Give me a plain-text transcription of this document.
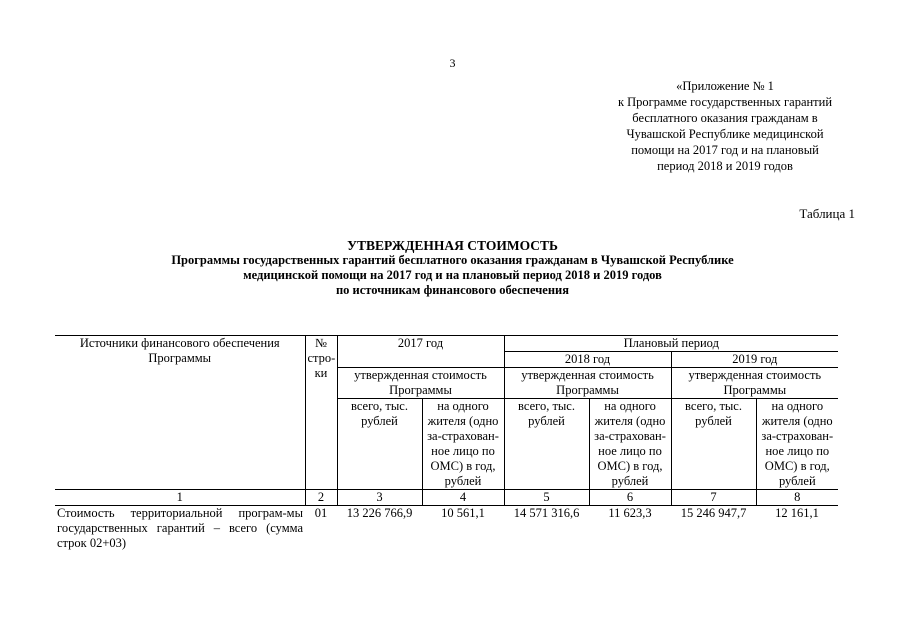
3
«Приложение № 1
к Программе государственных гарантий
бесплатного оказания гражданам в
Чувашской Республике медицинской
помощи на 2017 год и на плановый
период 2018 и 2019 годов
Таблица 1
УТВЕРЖДЕННАЯ СТОИМОСТЬ
Программы государственных гарантий бесплатного оказания гражданам в Чувашской Республике
медицинской помощи на 2017 год и на плановый период 2018 и 2019 годов
по источникам финансового обеспечения
Источники финансового обеспечения Программы	№ стро-ки	2017 год		Плановый период			
				2018 год		2019 год	
		утвержденная стоимость Программы		утвержденная стоимость Программы		утвержденная стоимость Программы	
		всего, тыс. рублей	на одного жителя (одно за-страхован-ное лицо по ОМС) в год, рублей	всего, тыс. рублей	на одного жителя (одно за-страхован-ное лицо по ОМС) в год, рублей	всего, тыс. рублей	на одного жителя (одно за-страхован-ное лицо по ОМС) в год, рублей
1	2	3	4	5	6	7	8
Стоимость территориальной програм-мы государственных гарантий – всего (сумма строк 02+03)	01	13 226 766,9	10 561,1	14 571 316,6	11 623,3	15 246 947,7	12 161,1
